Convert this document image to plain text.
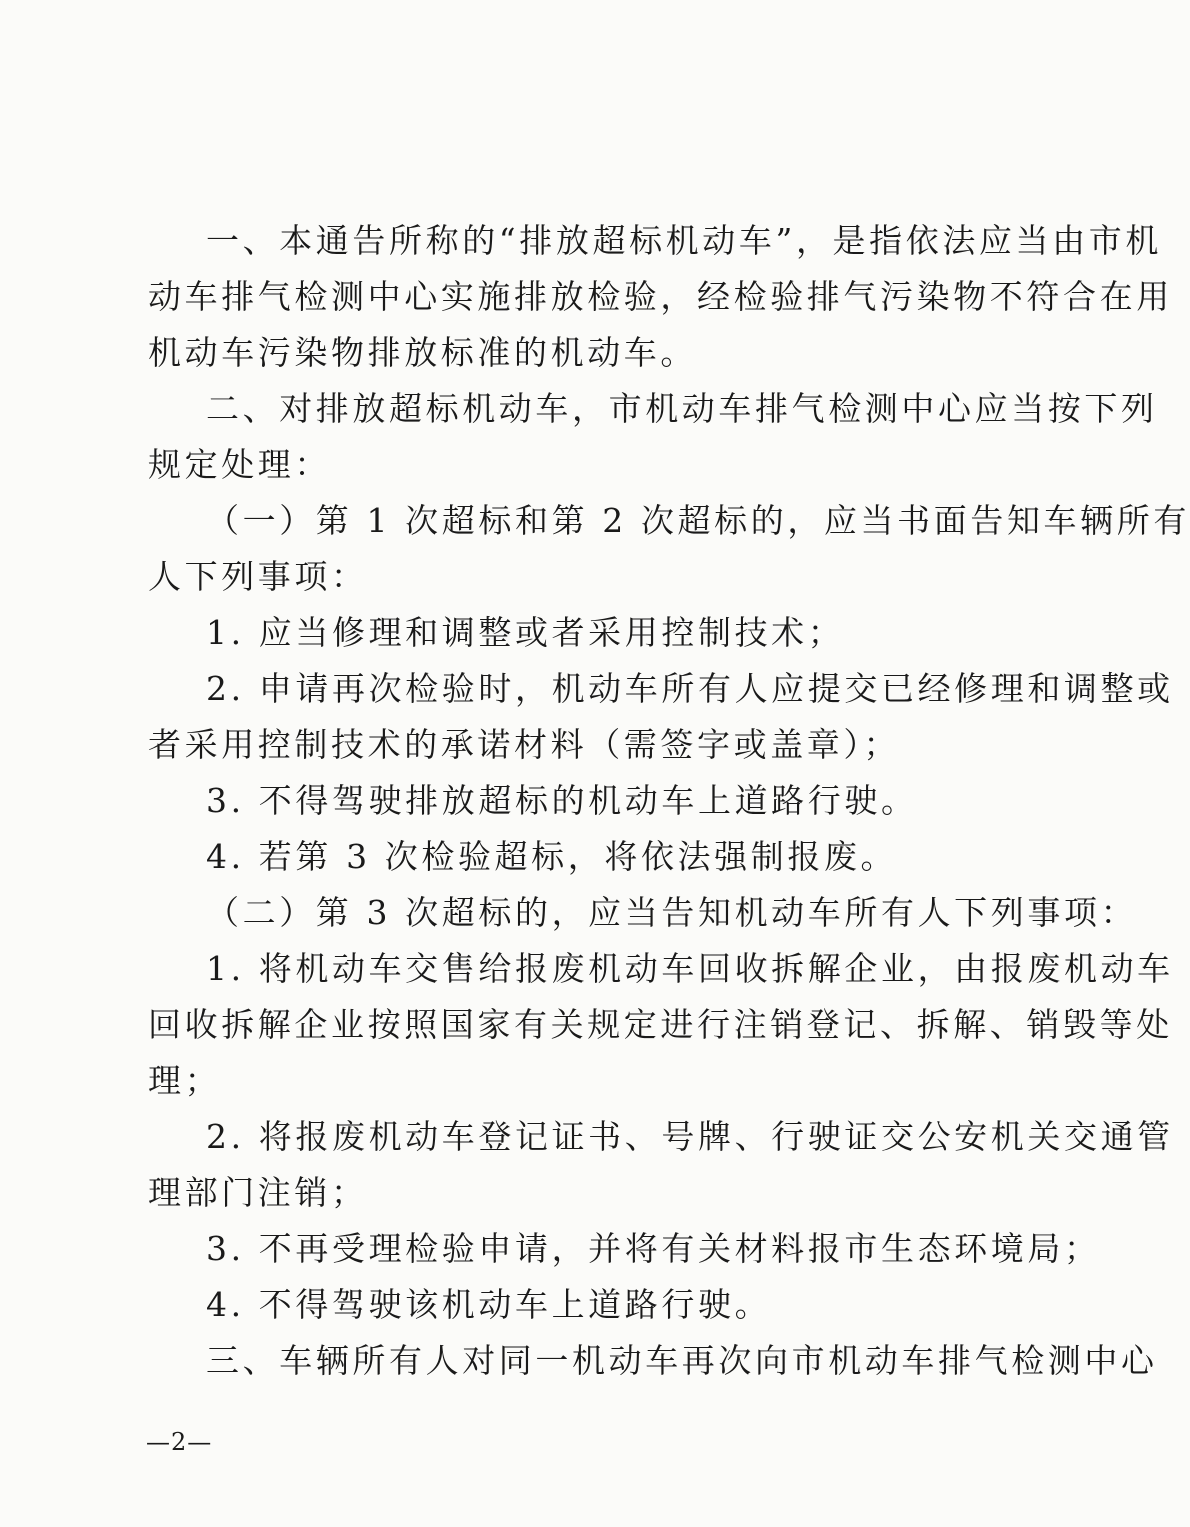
一、本通告所称的“排放超标机动车”，是指依法应当由市机
动车排气检测中心实施排放检验，经检验排气污染物不符合在用
机动车污染物排放标准的机动车。
二、对排放超标机动车，市机动车排气检测中心应当按下列
规定处理：
（一）第 1 次超标和第 2 次超标的，应当书面告知车辆所有
人下列事项：
1. 应当修理和调整或者采用控制技术；
2. 申请再次检验时，机动车所有人应提交已经修理和调整或
者采用控制技术的承诺材料（需签字或盖章）；
3. 不得驾驶排放超标的机动车上道路行驶。
4. 若第 3 次检验超标，将依法强制报废。
（二）第 3 次超标的，应当告知机动车所有人下列事项：
1. 将机动车交售给报废机动车回收拆解企业，由报废机动车
回收拆解企业按照国家有关规定进行注销登记、拆解、销毁等处
理；
2. 将报废机动车登记证书、号牌、行驶证交公安机关交通管
理部门注销；
3. 不再受理检验申请，并将有关材料报市生态环境局；
4. 不得驾驶该机动车上道路行驶。
三、车辆所有人对同一机动车再次向市机动车排气检测中心
—2—
